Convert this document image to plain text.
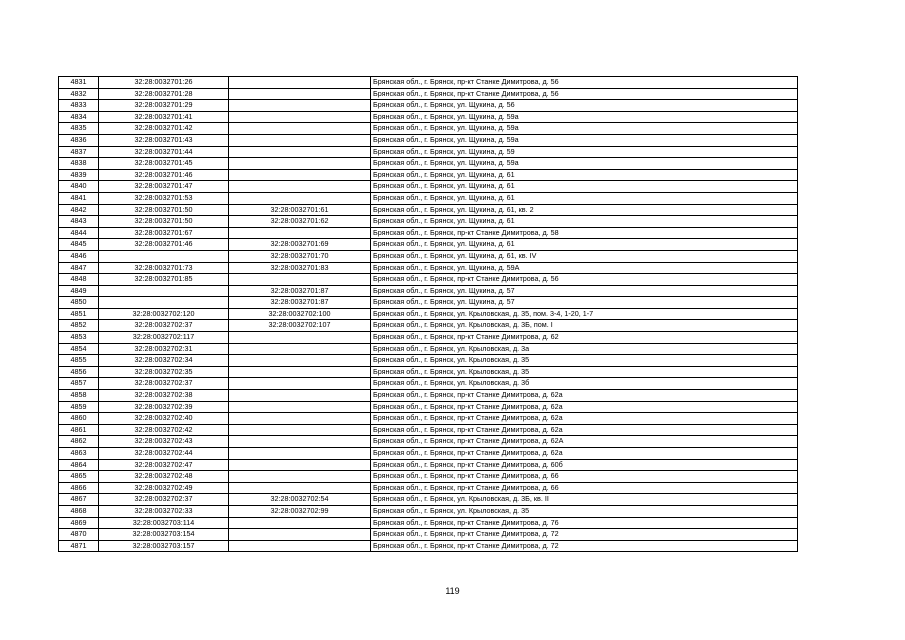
4831	32:28:0032701:26		Брянская обл., г. Брянск, пр-кт Станке Димитрова, д. 56
4832	32:28:0032701:28		Брянская обл., г. Брянск, пр-кт Станке Димитрова, д. 56
4833	32:28:0032701:29		Брянская обл., г. Брянск, ул. Щукина, д. 56
4834	32:28:0032701:41		Брянская обл., г. Брянск, ул. Щукина, д. 59а
4835	32:28:0032701:42		Брянская обл., г. Брянск, ул. Щукина, д. 59а
4836	32:28:0032701:43		Брянская обл., г. Брянск, ул. Щукина, д. 59а
4837	32:28:0032701:44		Брянская обл., г. Брянск, ул. Щукина, д. 59
4838	32:28:0032701:45		Брянская обл., г. Брянск, ул. Щукина, д. 59а
4839	32:28:0032701:46		Брянская обл., г. Брянск, ул. Щукина, д. 61
4840	32:28:0032701:47		Брянская обл., г. Брянск, ул. Щукина, д. 61
4841	32:28:0032701:53		Брянская обл., г. Брянск, ул. Щукина, д. 61
4842	32:28:0032701:50	32:28:0032701:61	Брянская обл., г. Брянск, ул. Щукина, д. 61, кв. 2
4843	32:28:0032701:50	32:28:0032701:62	Брянская обл., г. Брянск, ул. Щукина, д. 61
4844	32:28:0032701:67		Брянская обл., г. Брянск, пр-кт Станке Димитрова, д. 58
4845	32:28:0032701:46	32:28:0032701:69	Брянская обл., г. Брянск, ул. Щукина, д. 61
4846		32:28:0032701:70	Брянская обл., г. Брянск, ул. Щукина, д. 61, кв. IV
4847	32:28:0032701:73	32:28:0032701:83	Брянская обл., г. Брянск, ул. Щукина, д. 59А
4848	32:28:0032701:85		Брянская обл., г. Брянск, пр-кт Станке Димитрова, д. 56
4849		32:28:0032701:87	Брянская обл., г. Брянск, ул. Щукина, д. 57
4850		32:28:0032701:87	Брянская обл., г. Брянск, ул. Щукина, д. 57
4851	32:28:0032702:120	32:28:0032702:100	Брянская обл., г. Брянск, ул. Крыловская, д. 35, пом. 3-4, 1-20, 1-7
4852	32:28:0032702:37	32:28:0032702:107	Брянская обл., г. Брянск, ул. Крыловская, д. 3Б, пом. I
4853	32:28:0032702:117		Брянская обл., г. Брянск, пр-кт Станке Димитрова, д. 62
4854	32:28:0032702:31		Брянская обл., г. Брянск, ул. Крыловская, д. 3а
4855	32:28:0032702:34		Брянская обл., г. Брянск, ул. Крыловская, д. 35
4856	32:28:0032702:35		Брянская обл., г. Брянск, ул. Крыловская, д. 35
4857	32:28:0032702:37		Брянская обл., г. Брянск, ул. Крыловская, д. 3б
4858	32:28:0032702:38		Брянская обл., г. Брянск, пр-кт Станке Димитрова, д. 62а
4859	32:28:0032702:39		Брянская обл., г. Брянск, пр-кт Станке Димитрова, д. 62а
4860	32:28:0032702:40		Брянская обл., г. Брянск, пр-кт Станке Димитрова, д. 62а
4861	32:28:0032702:42		Брянская обл., г. Брянск, пр-кт Станке Димитрова, д. 62а
4862	32:28:0032702:43		Брянская обл., г. Брянск, пр-кт Станке Димитрова, д. 62А
4863	32:28:0032702:44		Брянская обл., г. Брянск, пр-кт Станке Димитрова, д. 62а
4864	32:28:0032702:47		Брянская обл., г. Брянск, пр-кт Станке Димитрова, д. 60б
4865	32:28:0032702:48		Брянская обл., г. Брянск, пр-кт Станке Димитрова, д. 66
4866	32:28:0032702:49		Брянская обл., г. Брянск, пр-кт Станке Димитрова, д. 66
4867	32:28:0032702:37	32:28:0032702:54	Брянская обл., г. Брянск, ул. Крыловская, д. 3Б, кв. II
4868	32:28:0032702:33	32:28:0032702:99	Брянская обл., г. Брянск, ул. Крыловская, д. 35
4869	32:28:0032703:114		Брянская обл., г. Брянск, пр-кт Станке Димитрова, д. 76
4870	32:28:0032703:154		Брянская обл., г. Брянск, пр-кт Станке Димитрова, д. 72
4871	32:28:0032703:157		Брянская обл., г. Брянск, пр-кт Станке Димитрова, д. 72
119
